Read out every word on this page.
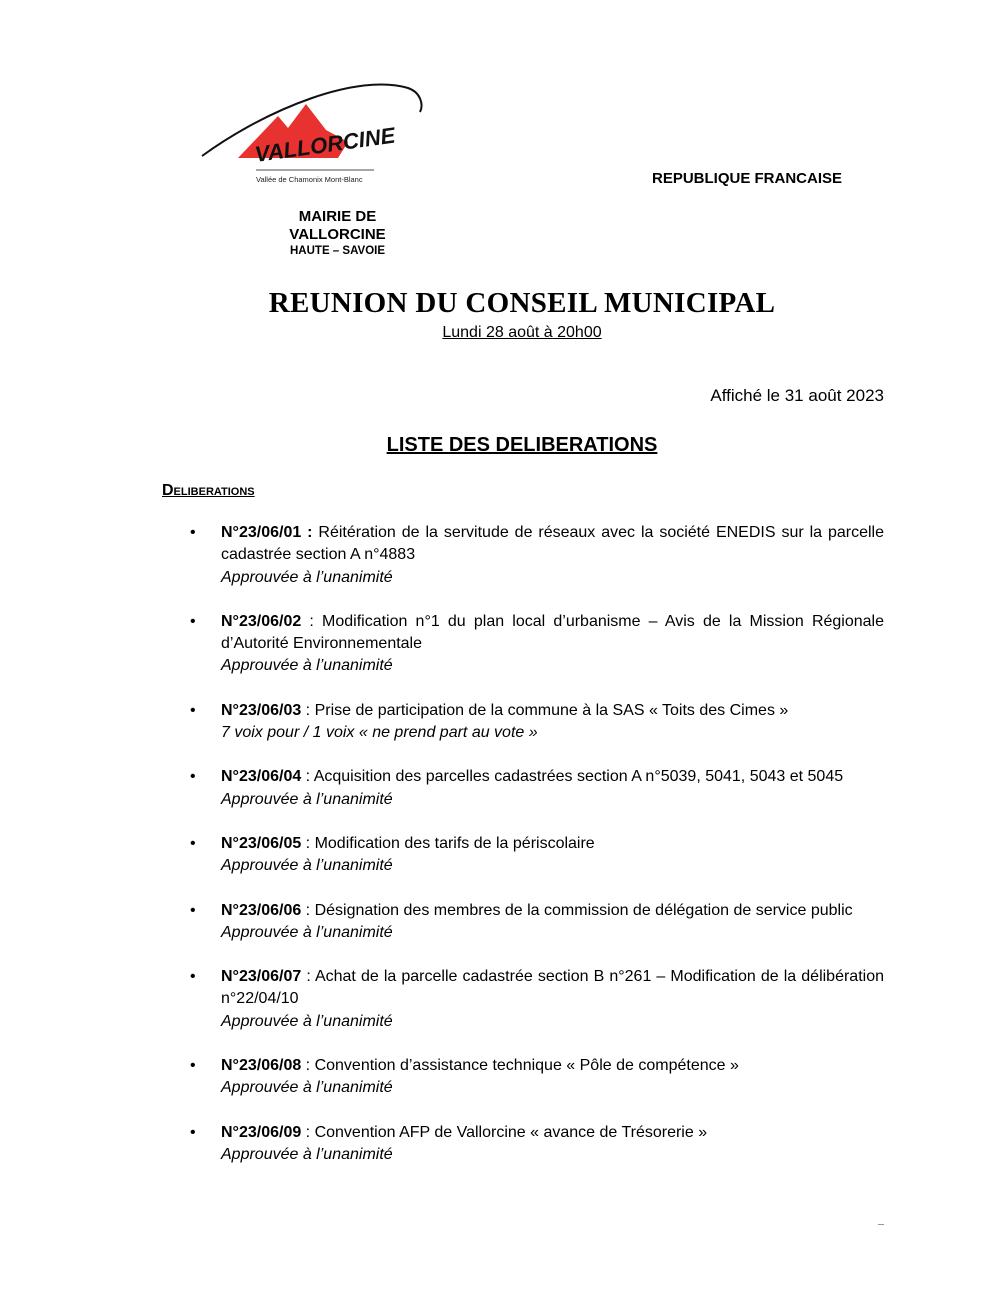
VALLORCINE
Vallée de Chamonix Mont-Blanc	REPUBLIQUE FRANCAISE
MAIRIE DE
VALLORCINE
HAUTE – SAVOIE
REUNION DU CONSEIL MUNICIPAL
Lundi 28 août à 20h00
Affiché le 31 août 2023
LISTE DES DELIBERATIONS
Deliberations
• N°23/06/01 : Réitération de la servitude de réseaux avec la société ENEDIS sur la parcelle cadastrée section A n°4883
Approuvée à l’unanimité
• N°23/06/02 : Modification n°1 du plan local d’urbanisme – Avis de la Mission Régionale d’Autorité Environnementale
Approuvée à l’unanimité
• N°23/06/03 : Prise de participation de la commune à la SAS « Toits des Cimes »
7 voix pour / 1 voix « ne prend part au vote »
• N°23/06/04 : Acquisition des parcelles cadastrées section A n°5039, 5041, 5043 et 5045
Approuvée à l’unanimité
• N°23/06/05 : Modification des tarifs de la périscolaire
Approuvée à l’unanimité
• N°23/06/06 : Désignation des membres de la commission de délégation de service public
Approuvée à l’unanimité
• N°23/06/07 : Achat de la parcelle cadastrée section B n°261 – Modification de la délibération n°22/04/10
Approuvée à l’unanimité
• N°23/06/08 : Convention d’assistance technique « Pôle de compétence »
Approuvée à l’unanimité
• N°23/06/09 : Convention AFP de Vallorcine « avance de Trésorerie »
Approuvée à l’unanimité
